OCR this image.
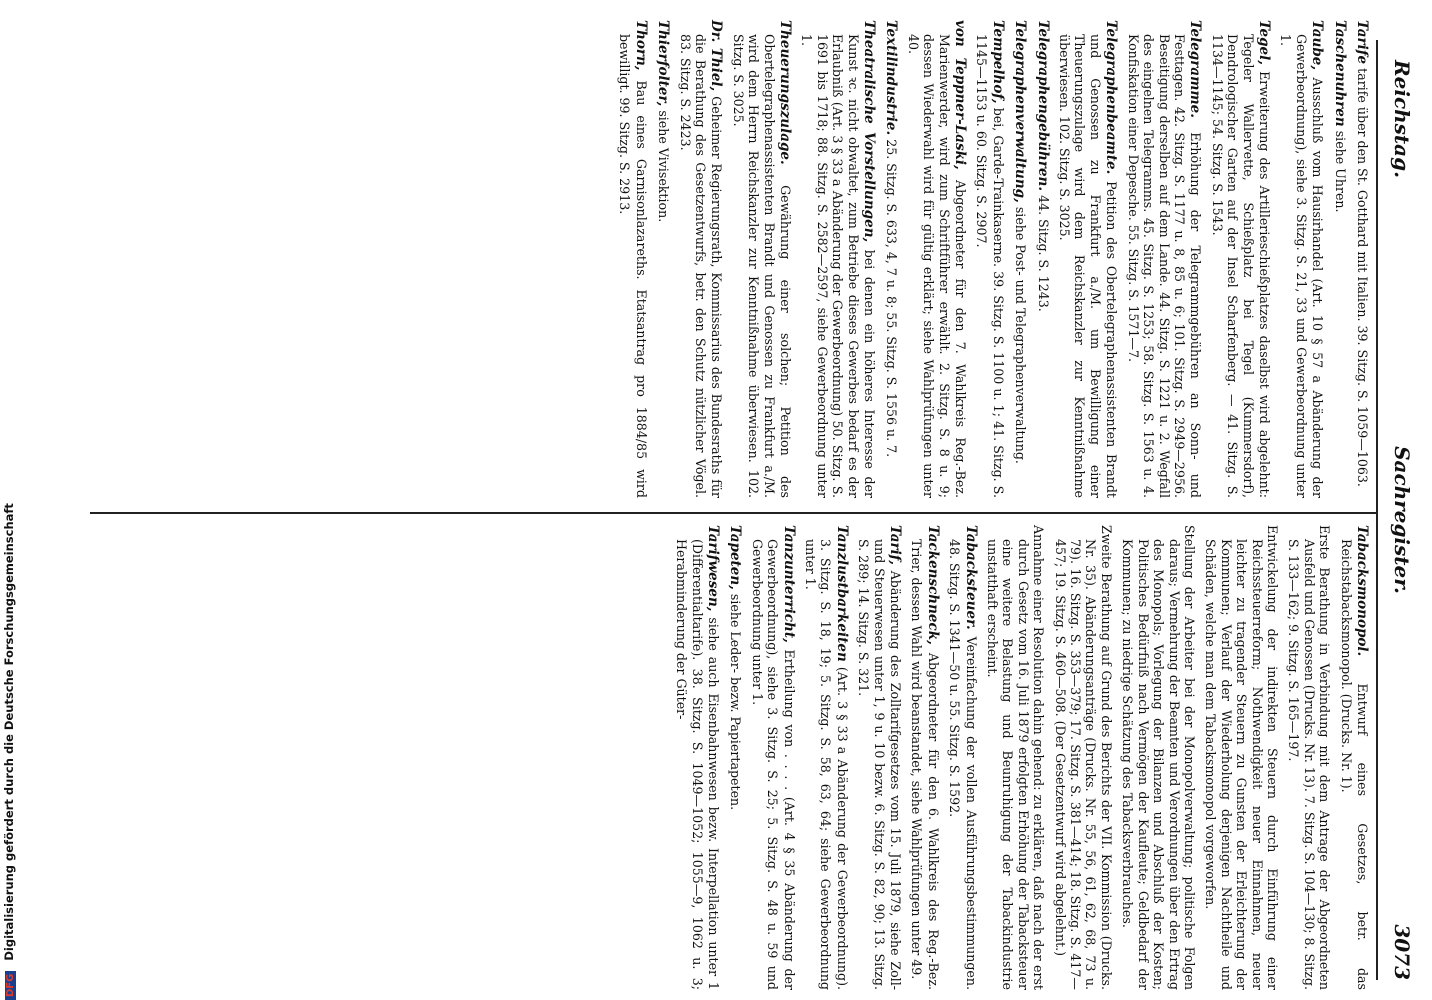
Reichstag.
Sachregister.
3073

Tarife tarife über den St. Gotthard mit Italien. 39. Sitzg. S. 1059—1063.

Taschenuhren siehe Uhren.

Taube, Ausschluß vom Hausirhandel (Art. 10 § 57 a Abänderung der Gewerbeordnung), siehe 3. Sitzg. S. 21, 33 und Gewerbeordnung unter 1.

Tegel, Erweiterung des Artillerieschießplatzes daselbst wird abgelehnt: Tegeler Wallervette, Schießplatz bei Tegel (Kummersdorf), Dendrologischer Garten auf der Insel Scharfenberg. — 41. Sitzg. S. 1134—1145; 54. Sitzg. S. 1543.

Telegramme. Erhöhung der Telegrammgebühren an Sonn- und Festtagen. 42. Sitzg. S. 1177 u. 8, 85 u. 6; 101. Sitzg. S. 2949—2956. Beseitigung derselben auf dem Lande. 44. Sitzg. S. 1221 u. 2. Wegfall des eingelnen Telegramms. 45. Sitzg. S. 1253; 58. Sitzg. S. 1563 u. 4. Konfiskation einer Depesche. 55. Sitzg. S. 1571—7.

Telegraphenbeamte. Petition des Obertelegraphenassistenten Brandt und Genossen zu Frankfurt a./M. um Bewilligung einer Theuerungszulage wird dem Reichskanzler zur Kenntnißnahme überwiesen. 102. Sitzg. S. 3025.

Telegraphengebühren. 44. Sitzg. S. 1243.

Telegraphenverwaltung, siehe Post- und Telegraphenverwaltung.

Tempelhof, bei, Garde-Trainkaserne. 39. Sitzg. S. 1100 u. 1; 41. Sitzg. S. 1145—1153 u. 60. Sitzg. S. 2907.

von Teppner-Laski, Abgeordneter für den 7. Wahlkreis Reg.-Bez. Marienwerder, wird zum Schriftführer erwählt. 2. Sitzg. S. 8 u. 9; dessen Wiederwahl wird für gültig erklärt; siehe Wahlprüfungen unter 40.

Textilindustrie. 25. Sitzg. S. 633, 4, 7 u. 8; 55. Sitzg. S. 1556 u. 7.

Theatralische Vorstellungen, bei denen ein höheres Interesse der Kunst ꝛc. nicht obwaltet, zum Betriebe dieses Gewerbes bedarf es der Erlaubniß (Art. 3 § 33 a Abänderung der Gewerbeordnung) 50. Sitzg. S. 1691 bis 1718; 88. Sitzg. S. 2582—2597, siehe Gewerbeordnung unter 1.

Theuerungszulage. Gewährung einer solchen; Petition des Obertelegraphenassistenten Brandt und Genossen zu Frankfurt a./M. wird dem Herrn Reichskanzler zur Kenntnißnahme überwiesen. 102. Sitzg. S. 3025.

Dr. Thiel, Geheimer Regierungsrath, Kommissarius des Bundesraths für die Berathung des Gesetzentwurfs, betr. den Schutz nützlicher Vögel. 83. Sitzg. S. 2423.

Thierfolter, siehe Vivisektion.

Thorn, Bau eines Garnisonlazareths. Etatsantrag pro 1884/85 wird bewilligt. 99. Sitzg. S. 2913.

Tabacksmonopol. Entwurf eines Gesetzes, betr. das Reichstabacksmonopol. (Drucks. Nr. 1).

Erste Berathung in Verbindung mit dem Antrage der Abgeordneten Ausfeld und Genossen (Drucks. Nr. 13). 7. Sitzg. S. 104—130; 8. Sitzg. S. 133—162; 9. Sitzg. S. 165—197.

Entwickelung der indirekten Steuern durch Einführung einer Reichssteuerreform; Nothwendigkeit neuer Einnahmen, neuer leichter zu tragender Steuern zu Gunsten der Erleichterung der Kommunen; Verlauf der Wiederholung derjenigen Nachtheile und Schäden, welche man dem Tabacksmonopol vorgeworfen.

Stellung der Arbeiter bei der Monopolverwaltung; politische Folgen daraus; Vermehrung der Beamten und Verordnungen über den Ertrag des Monopols; Vorlegung der Bilanzen und Abschluß der Kosten; Politisches Bedürfniß nach Vermögen der Kaufleute; Geldbedarf der Kommunen; zu niedrige Schätzung des Tabacksverbrauches.

Zweite Berathung auf Grund des Berichts der VII. Kommission (Drucks. Nr. 35). Abänderungsanträge (Drucks. Nr. 55, 56, 61, 62, 68, 73 u. 79). 16. Sitzg. S. 353—379; 17. Sitzg. S. 381—414; 18. Sitzg. S. 417—457; 19. Sitzg. S. 460—508. (Der Gesetzentwurf wird abgelehnt.)

Annahme einer Resolution dahin gehend: zu erklären, daß nach der erst durch Gesetz vom 16. Juli 1879 erfolgten Erhöhung der Tabacksteuer eine weitere Belastung und Beunruhigung der Tabackindustrie unstatthaft erscheint.

Tabacksteuer. Vereinfachung der vollen Ausführungsbestimmungen. 48. Sitzg. S. 1341—50 u. 55. Sitzg. S. 1592.

Tackenschneck, Abgeordneter für den 6. Wahlkreis des Reg.-Bez. Trier, dessen Wahl wird beanstandet, siehe Wahlprüfungen unter 49.

Tarif, Abänderung des Zolltarifgesetzes vom 15. Juli 1879, siehe Zoll- und Steuerwesen unter 1, 9 u. 10 bezw. 6. Sitzg. S. 82, 90; 13. Sitzg. S. 289; 14. Sitzg. S. 321.

Tanzlustbarkeiten (Art. 3 § 33 a Abänderung der Gewerbeordnung). 3. Sitzg. S. 18, 19; 5. Sitzg. S. 58, 63, 64; siehe Gewerbeordnung unter 1.

Tanzunterricht, Ertheilung von . . . . (Art. 4 § 35 Abänderung der Gewerbeordnung), siehe 3. Sitzg. S. 25; 5. Sitzg. S. 48 u. 59 und Gewerbeordnung unter 1.

Tapeten, siehe Leder- bezw. Papiertapeten.

Tarifwesen, siehe auch Eisenbahnwesen bezw. Interpellation unter 1 (Differentialtarife). 38. Sitzg. S. 1049—1052; 1055—9, 1062 u. 3; Herabminderung der Güter-

DFG Digitalisierung gefördert durch die Deutsche Forschungsgemeinschaft
